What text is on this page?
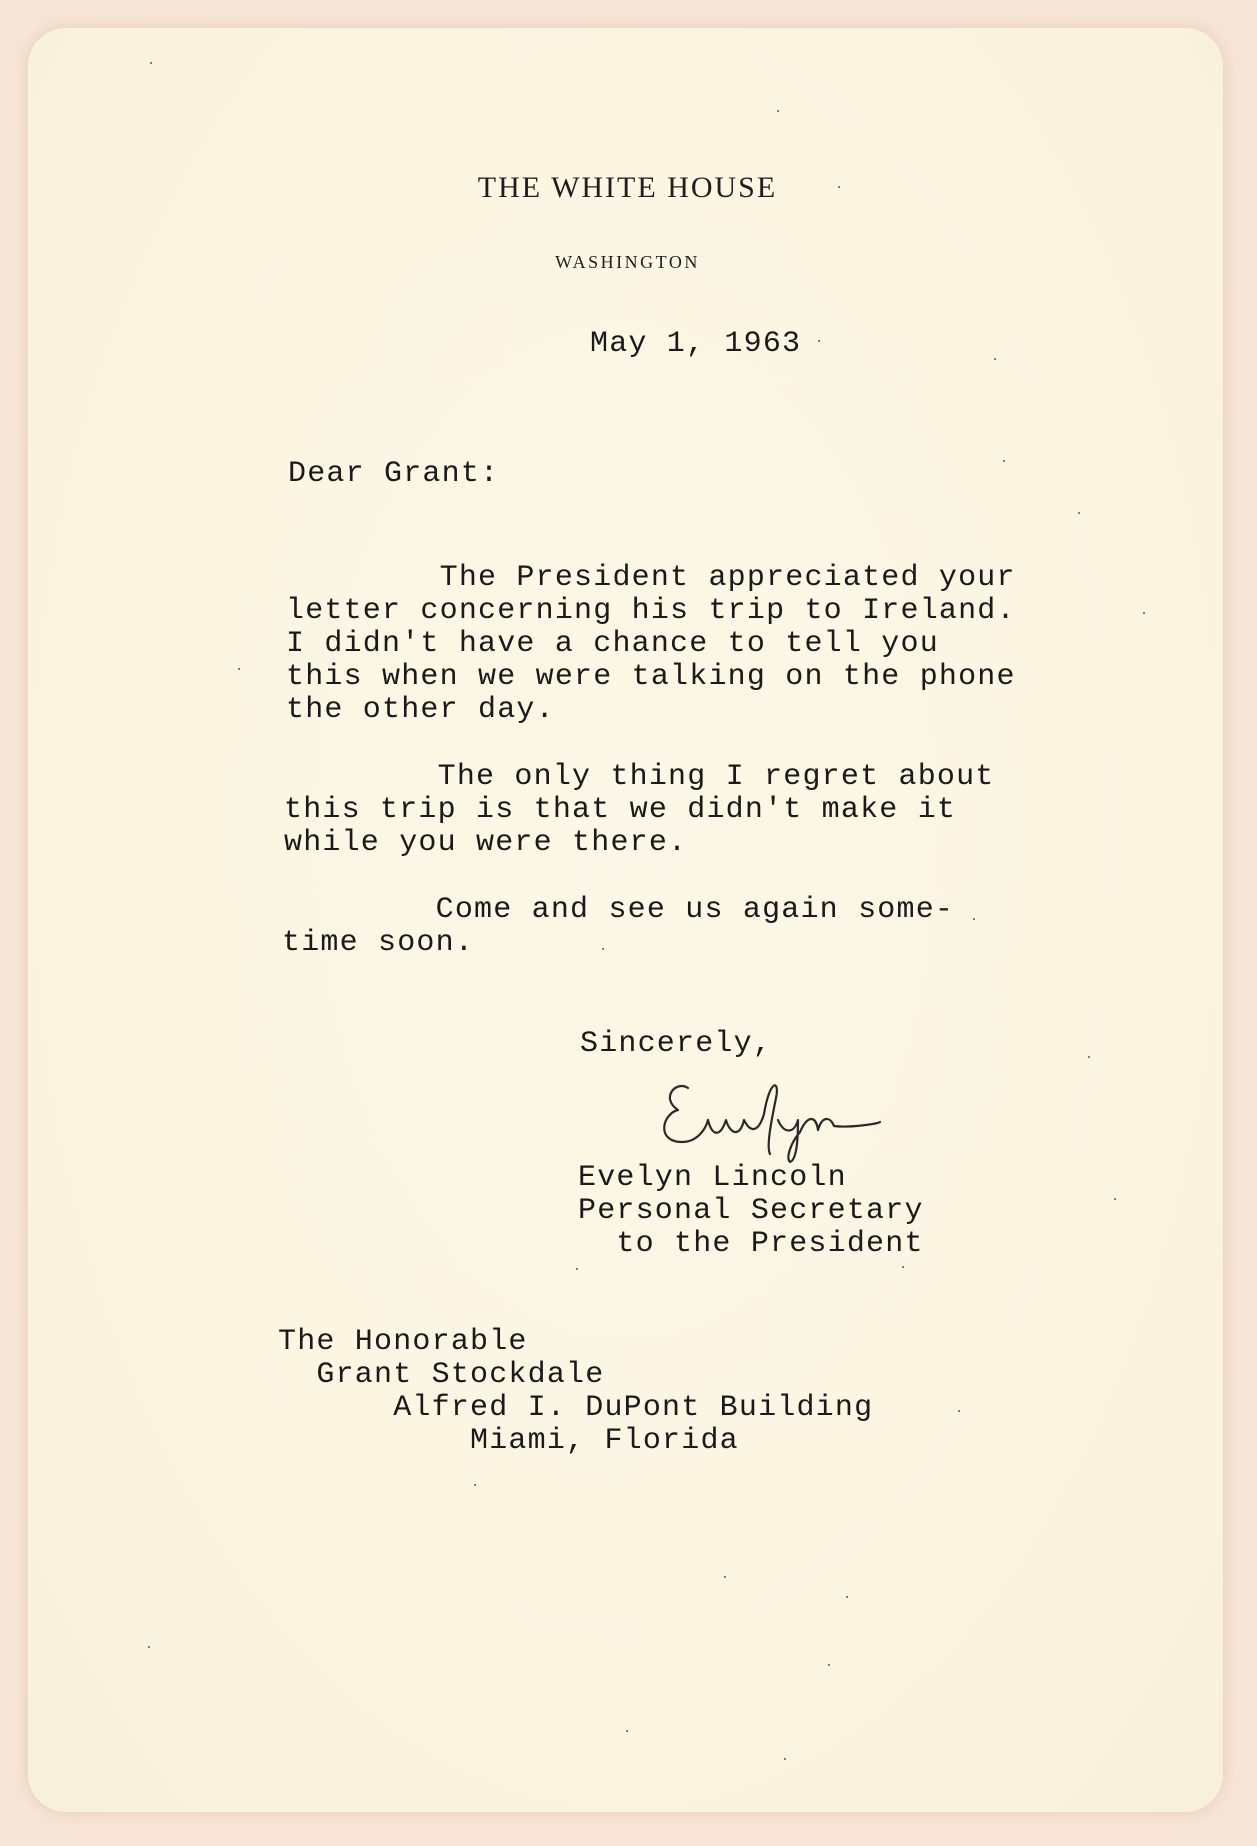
THE WHITE HOUSE
WASHINGTON
May 1, 1963
Dear Grant:
The President appreciated your
letter concerning his trip to Ireland.
I didn't have a chance to tell you
this when we were talking on the phone
the other day.
The only thing I regret about
this trip is that we didn't make it
while you were there.
Come and see us again some-
time soon.
Sincerely,
Evelyn Lincoln
Personal Secretary
to the President
The Honorable
Grant Stockdale
Alfred I. DuPont Building
Miami, Florida
